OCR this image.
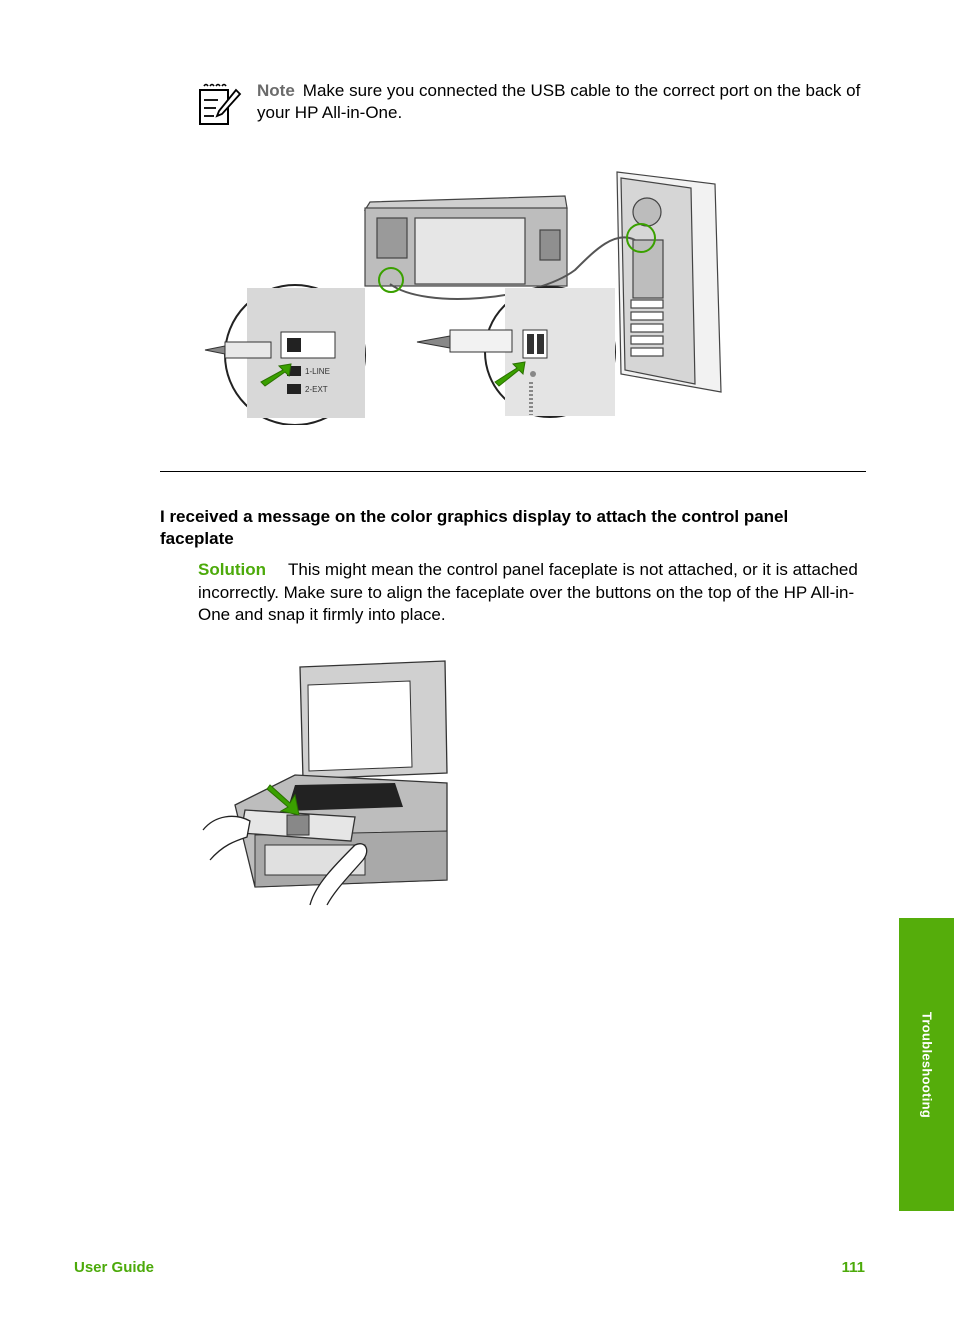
Note Make sure you connected the USB cable to the correct port on the back of your HP All-in-One.
1-LINE
2-EXT
I received a message on the color graphics display to attach the control panel faceplate
Solution This might mean the control panel faceplate is not attached, or it is attached incorrectly. Make sure to align the faceplate over the buttons on the top of the HP All-in-One and snap it firmly into place.
Troubleshooting
User Guide	111
